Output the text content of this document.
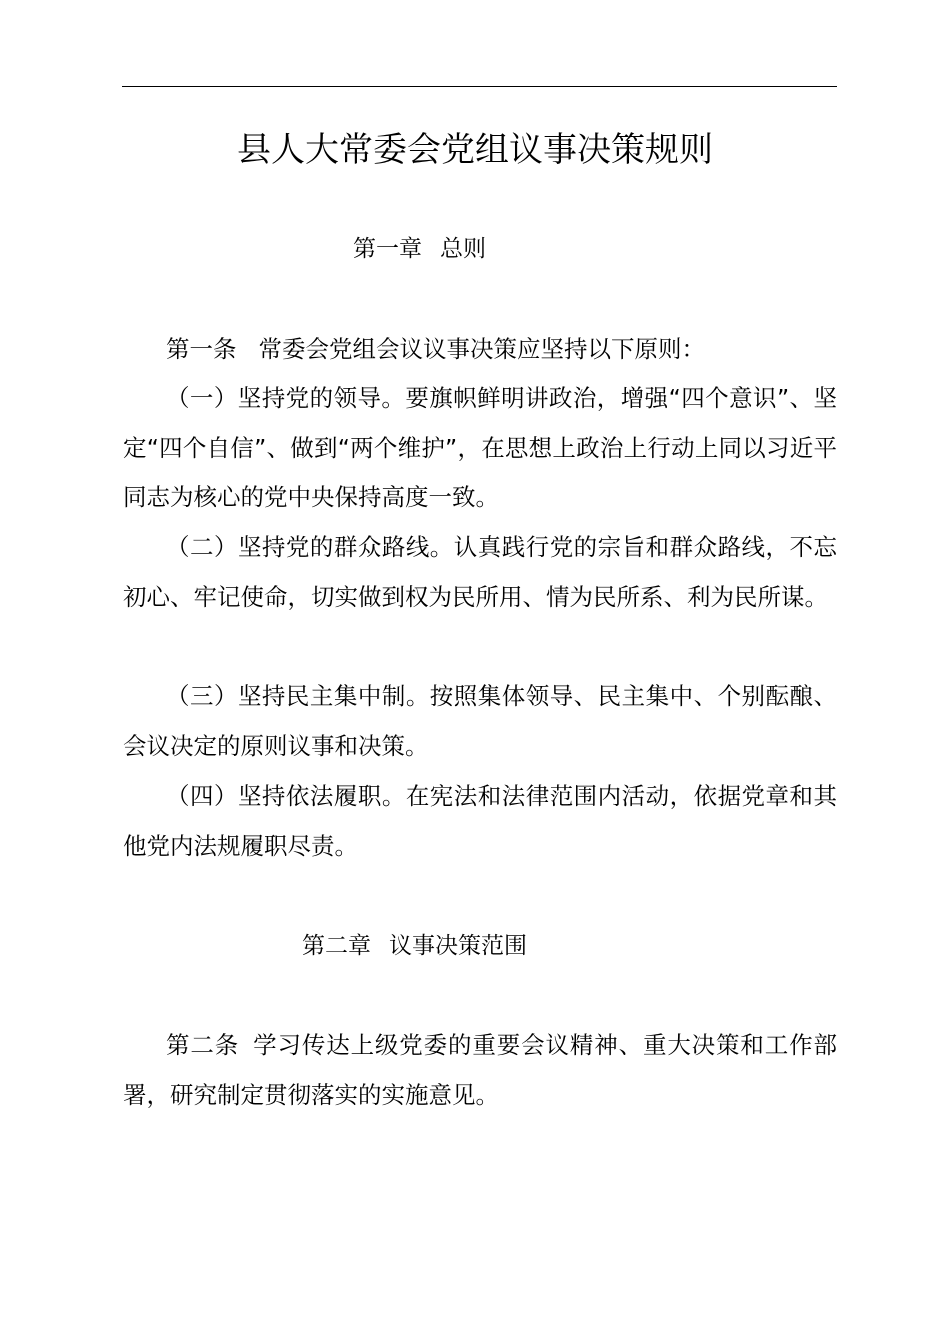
县人大常委会党组议事决策规则
第一章 总则
第一条 常委会党组会议议事决策应坚持以下原则：
（一）坚持党的领导。要旗帜鲜明讲政治，增强“四个意识”、坚定“四个自信”、做到“两个维护”，在思想上政治上行动上同以习近平同志为核心的党中央保持高度一致。
（二）坚持党的群众路线。认真践行党的宗旨和群众路线，不忘初心、牢记使命，切实做到权为民所用、情为民所系、利为民所谋。
（三）坚持民主集中制。按照集体领导、民主集中、个别酝酿、会议决定的原则议事和决策。
（四）坚持依法履职。在宪法和法律范围内活动，依据党章和其他党内法规履职尽责。
第二章 议事决策范围
第二条 学习传达上级党委的重要会议精神、重大决策和工作部署，研究制定贯彻落实的实施意见。
